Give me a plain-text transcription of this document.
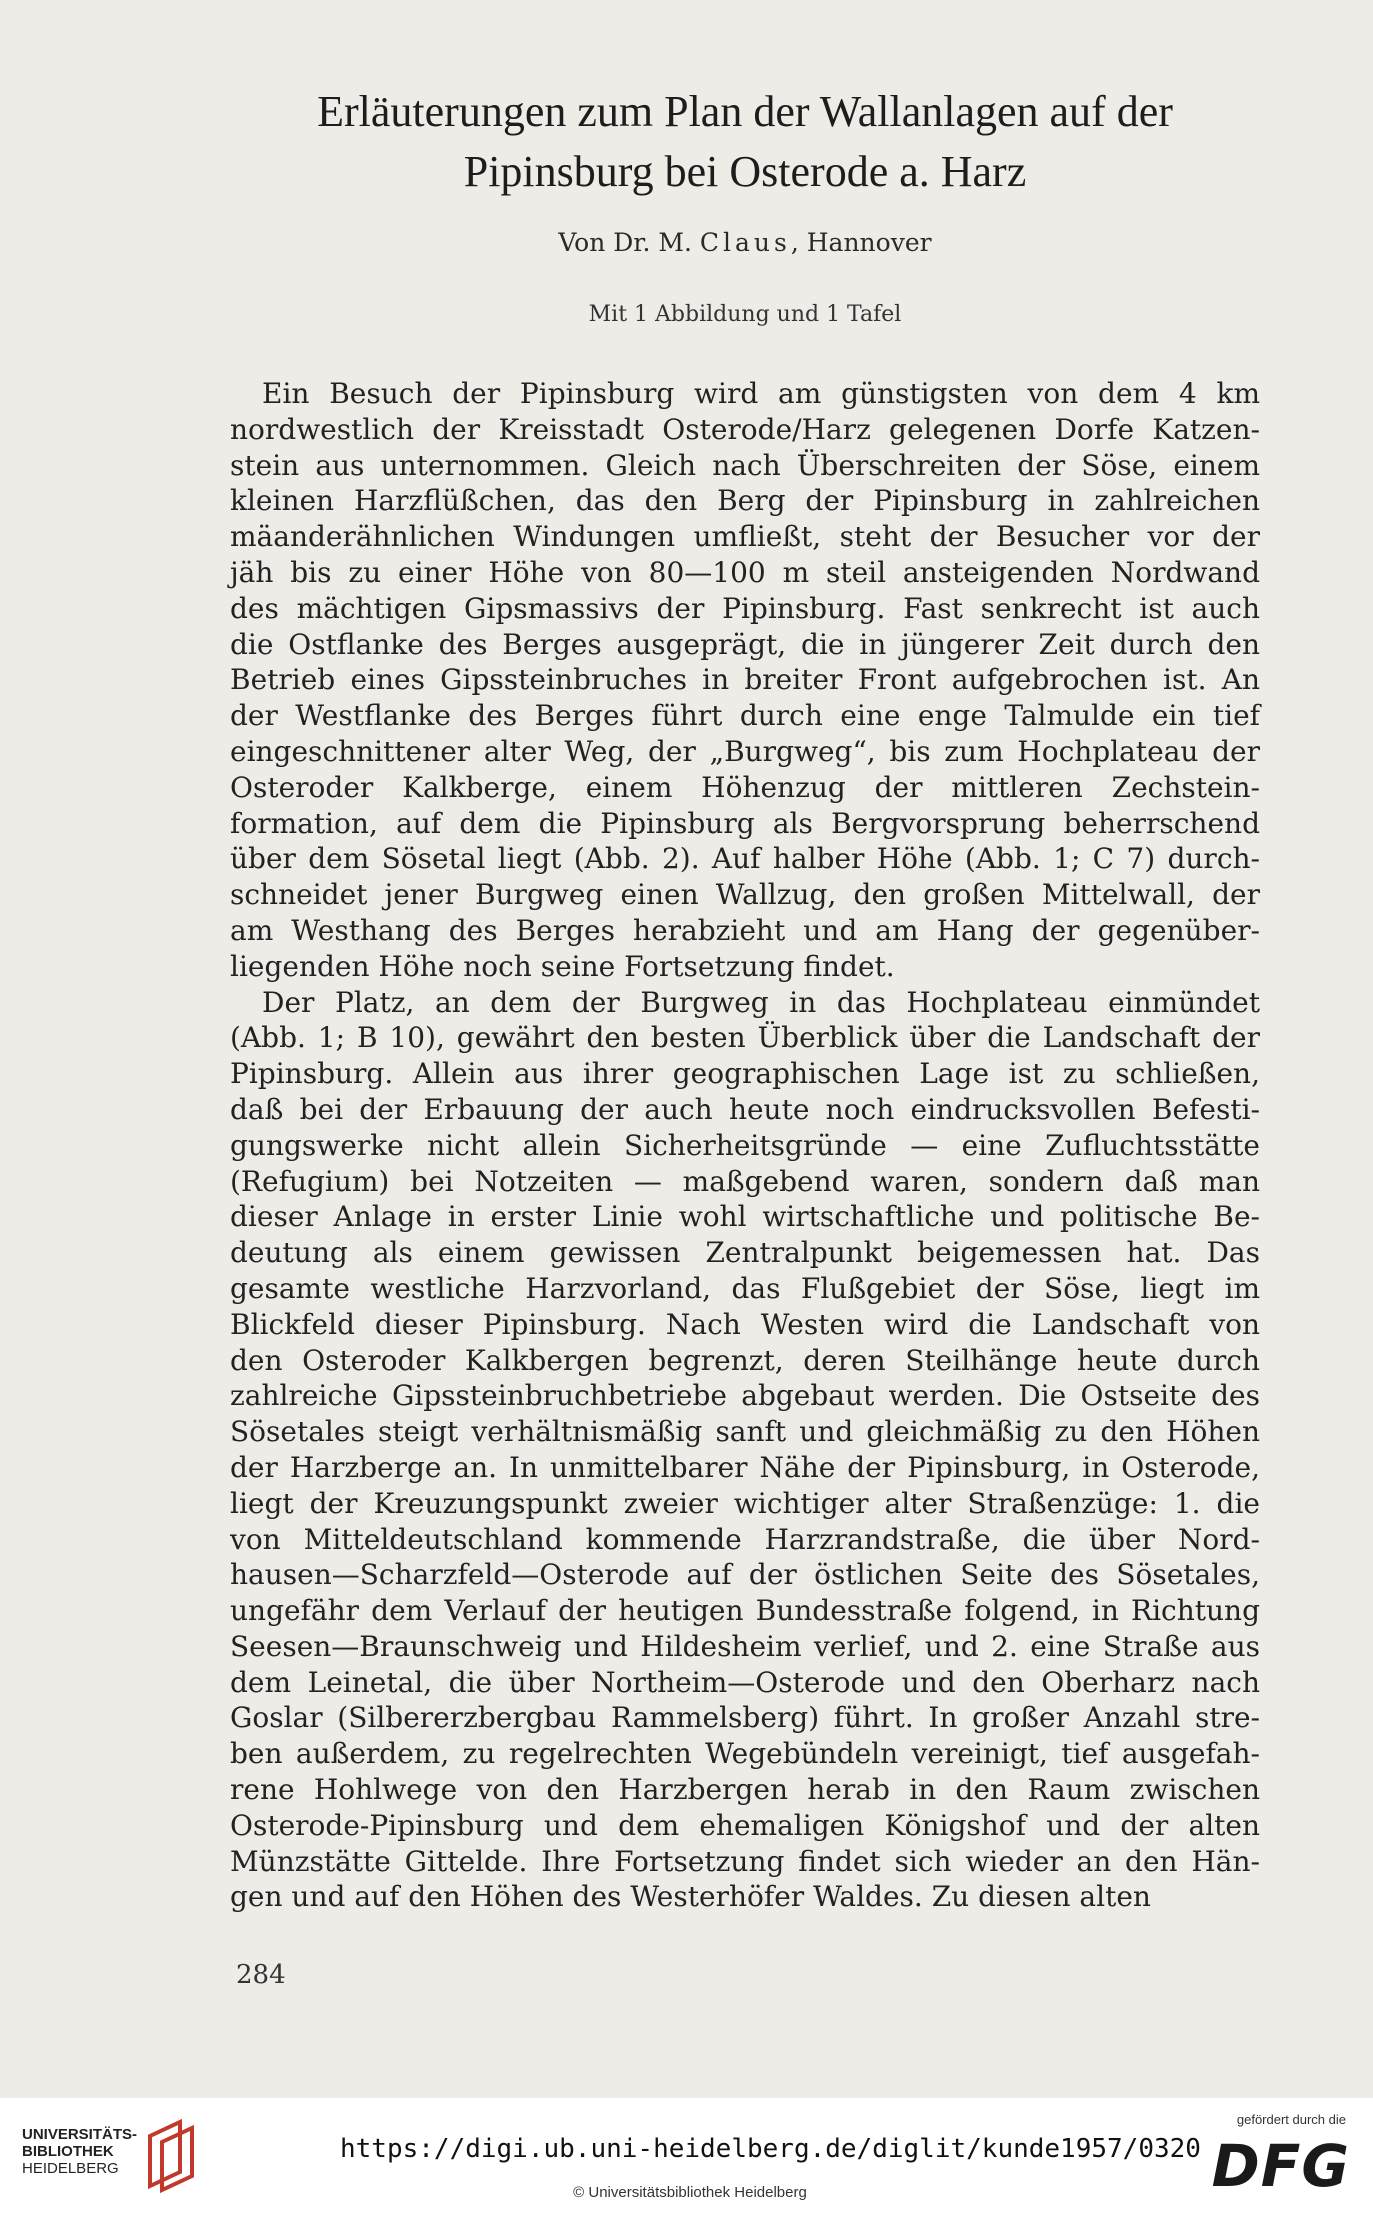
Erläuterungen zum Plan der Wallanlagen auf der
Pipinsburg bei Osterode a. Harz
Von Dr. M. Claus, Hannover
Mit 1 Abbildung und 1 Tafel
Ein Besuch der Pipinsburg wird am günstigsten von dem 4 km
nordwestlich der Kreisstadt Osterode/Harz gelegenen Dorfe Katzen-
stein aus unternommen. Gleich nach Überschreiten der Söse, einem
kleinen Harzflüßchen, das den Berg der Pipinsburg in zahlreichen
mäanderähnlichen Windungen umfließt, steht der Besucher vor der
jäh bis zu einer Höhe von 80—100 m steil ansteigenden Nordwand
des mächtigen Gipsmassivs der Pipinsburg. Fast senkrecht ist auch
die Ostflanke des Berges ausgeprägt, die in jüngerer Zeit durch den
Betrieb eines Gipssteinbruches in breiter Front aufgebrochen ist. An
der Westflanke des Berges führt durch eine enge Talmulde ein tief
eingeschnittener alter Weg, der „Burgweg“, bis zum Hochplateau der
Osteroder Kalkberge, einem Höhenzug der mittleren Zechstein-
formation, auf dem die Pipinsburg als Bergvorsprung beherrschend
über dem Sösetal liegt (Abb. 2). Auf halber Höhe (Abb. 1; C 7) durch-
schneidet jener Burgweg einen Wallzug, den großen Mittelwall, der
am Westhang des Berges herabzieht und am Hang der gegenüber-
liegenden Höhe noch seine Fortsetzung findet.
Der Platz, an dem der Burgweg in das Hochplateau einmündet
(Abb. 1; B 10), gewährt den besten Überblick über die Landschaft der
Pipinsburg. Allein aus ihrer geographischen Lage ist zu schließen,
daß bei der Erbauung der auch heute noch eindrucksvollen Befesti-
gungswerke nicht allein Sicherheitsgründe — eine Zufluchtsstätte
(Refugium) bei Notzeiten — maßgebend waren, sondern daß man
dieser Anlage in erster Linie wohl wirtschaftliche und politische Be-
deutung als einem gewissen Zentralpunkt beigemessen hat. Das
gesamte westliche Harzvorland, das Flußgebiet der Söse, liegt im
Blickfeld dieser Pipinsburg. Nach Westen wird die Landschaft von
den Osteroder Kalkbergen begrenzt, deren Steilhänge heute durch
zahlreiche Gipssteinbruchbetriebe abgebaut werden. Die Ostseite des
Sösetales steigt verhältnismäßig sanft und gleichmäßig zu den Höhen
der Harzberge an. In unmittelbarer Nähe der Pipinsburg, in Osterode,
liegt der Kreuzungspunkt zweier wichtiger alter Straßenzüge: 1. die
von Mitteldeutschland kommende Harzrandstraße, die über Nord-
hausen—Scharzfeld—Osterode auf der östlichen Seite des Sösetales,
ungefähr dem Verlauf der heutigen Bundesstraße folgend, in Richtung
Seesen—Braunschweig und Hildesheim verlief, und 2. eine Straße aus
dem Leinetal, die über Northeim—Osterode und den Oberharz nach
Goslar (Silbererzbergbau Rammelsberg) führt. In großer Anzahl stre-
ben außerdem, zu regelrechten Wegebündeln vereinigt, tief ausgefah-
rene Hohlwege von den Harzbergen herab in den Raum zwischen
Osterode-Pipinsburg und dem ehemaligen Königshof und der alten
Münzstätte Gittelde. Ihre Fortsetzung findet sich wieder an den Hän-
gen und auf den Höhen des Westerhöfer Waldes. Zu diesen alten
284
UNIVERSITÄTS-
BIBLIOTHEK
HEIDELBERG
https://digi.ub.uni-heidelberg.de/diglit/kunde1957/0320
© Universitätsbibliothek Heidelberg
gefördert durch die
DFG
